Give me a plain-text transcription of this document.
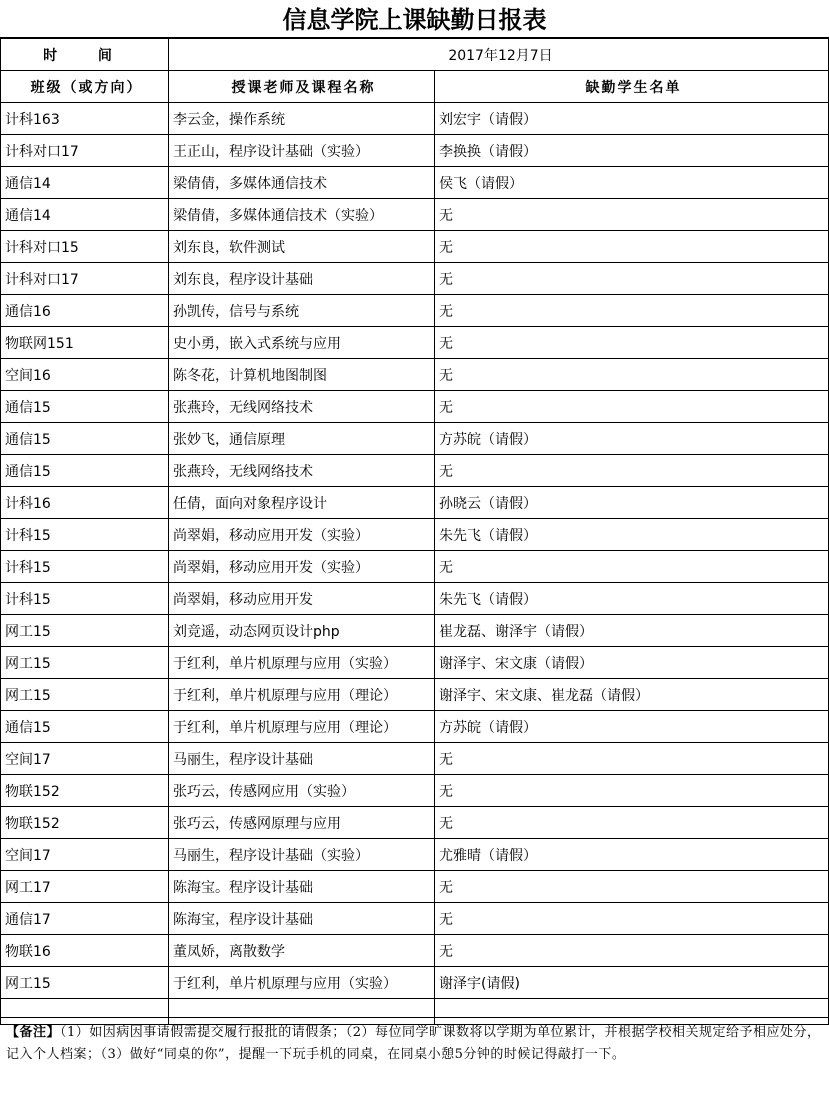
信息学院上课缺勤日报表
时 间	2017年12月7日	
班级（或方向）	授课老师及课程名称	缺勤学生名单
计科163	李云金，操作系统	刘宏宇（请假）
计科对口17	王正山，程序设计基础（实验）	李换换（请假）
通信14	梁倩倩，多媒体通信技术	侯飞（请假）
通信14	梁倩倩，多媒体通信技术（实验）	无
计科对口15	刘东良，软件测试	无
计科对口17	刘东良，程序设计基础	无
通信16	孙凯传，信号与系统	无
物联网151	史小勇，嵌入式系统与应用	无
空间16	陈冬花，计算机地图制图	无
通信15	张燕玲，无线网络技术	无
通信15	张妙飞，通信原理	方苏皖（请假）
通信15	张燕玲，无线网络技术	无
计科16	任倩，面向对象程序设计	孙晓云（请假）
计科15	尚翠娟，移动应用开发（实验）	朱先飞（请假）
计科15	尚翠娟，移动应用开发（实验）	无
计科15	尚翠娟，移动应用开发	朱先飞（请假）
网工15	刘竞遥，动态网页设计php	崔龙磊、谢泽宇（请假）
网工15	于红利，单片机原理与应用（实验）	谢泽宇、宋文康（请假）
网工15	于红利，单片机原理与应用（理论）	谢泽宇、宋文康、崔龙磊（请假）
通信15	于红利，单片机原理与应用（理论）	方苏皖（请假）
空间17	马丽生，程序设计基础	无
物联152	张巧云，传感网应用（实验）	无
物联152	张巧云，传感网原理与应用	无
空间17	马丽生，程序设计基础（实验）	尤雅晴（请假）
网工17	陈海宝。程序设计基础	无
通信17	陈海宝，程序设计基础	无
物联16	董凤娇，离散数学	无
网工15	于红利，单片机原理与应用（实验）	谢泽宇(请假)

【备注】（1）如因病因事请假需提交履行报批的请假条；（2）每位同学旷课数将以学期为单位累计，并根据学校相关规定给予相应处分，记入个人档案；（3）做好“同桌的你”，提醒一下玩手机的同桌，在同桌小憩5分钟的时候记得敲打一下。
